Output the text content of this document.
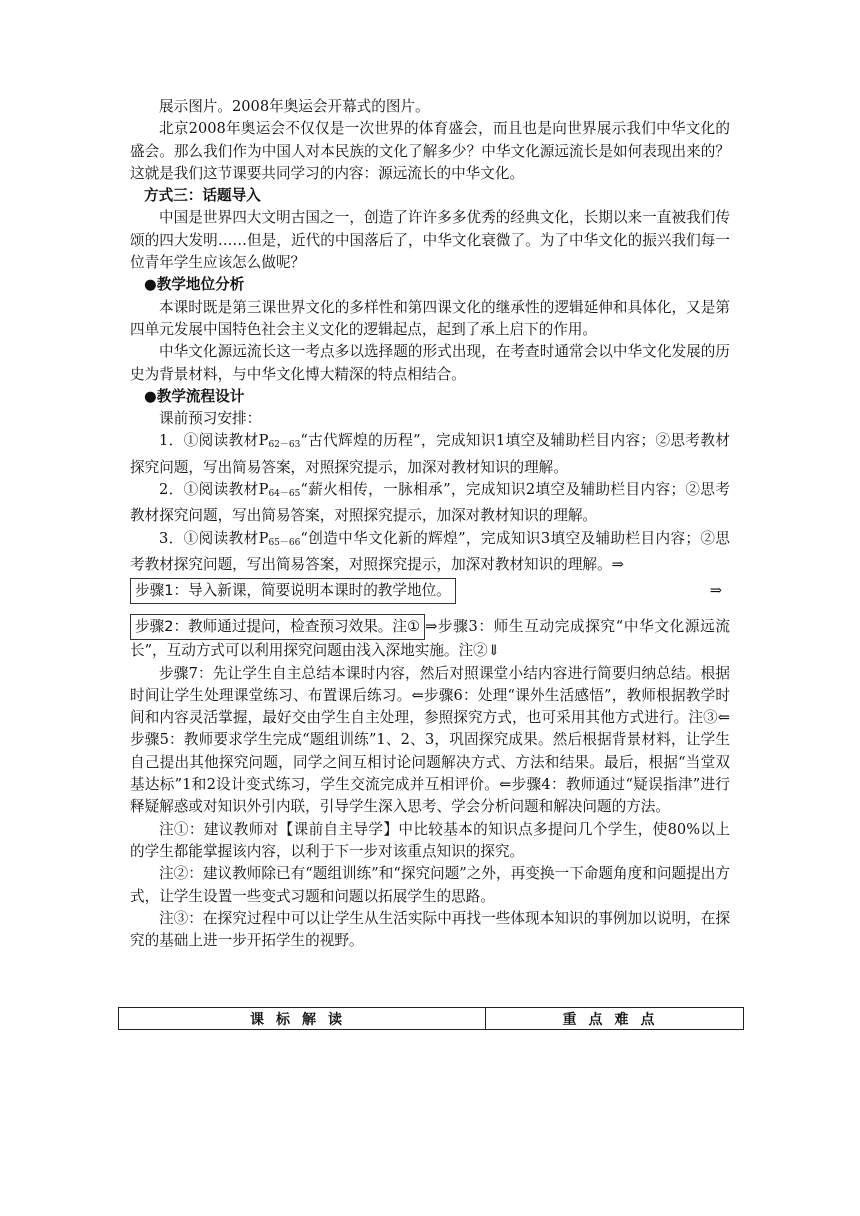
展示图片。2008年奥运会开幕式的图片。

北京2008年奥运会不仅仅是一次世界的体育盛会，而且也是向世界展示我们中华文化的盛会。那么我们作为中国人对本民族的文化了解多少？中华文化源远流长是如何表现出来的？这就是我们这节课要共同学习的内容：源远流长的中华文化。

方式三：话题导入

中国是世界四大文明古国之一，创造了许许多多优秀的经典文化，长期以来一直被我们传颂的四大发明……但是，近代的中国落后了，中华文化衰微了。为了中华文化的振兴我们每一位青年学生应该怎么做呢？

●教学地位分析

本课时既是第三课世界文化的多样性和第四课文化的继承性的逻辑延伸和具体化，又是第四单元发展中国特色社会主义文化的逻辑起点，起到了承上启下的作用。

中华文化源远流长这一考点多以选择题的形式出现，在考查时通常会以中华文化发展的历史为背景材料，与中华文化博大精深的特点相结合。

●教学流程设计

课前预习安排：

1．①阅读教材$P_{62-63}“$古代辉煌的历程”，完成知识1填空及辅助栏目内容；②思考教材探究问题，写出简易答案，对照探究提示，加深对教材知识的理解。

2．①阅读教材$P_{64-65}“$薪火相传，一脉相承”，完成知识2填空及辅助栏目内容；②思考教材探究问题，写出简易答案，对照探究提示，加深对教材知识的理解。

3．①阅读教材$P_{65-66}“$创造中华文化新的辉煌”，完成知识3填空及辅助栏目内容；②思考教材探究问题，写出简易答案，对照探究提示，加深对教材知识的理解。⇒

步骤1：导入新课，简要说明本课时的教学地位。	⇒

步骤2：教师通过提问，检查预习效果。注① ⇒步骤3：师生互动完成探究“中华文化源远流长”，互动方式可以利用探究问题由浅入深地实施。注②⇓

步骤7：先让学生自主总结本课时内容，然后对照课堂小结内容进行简要归纳总结。根据时间让学生处理课堂练习、布置课后练习。⇐步骤6：处理“课外生活感悟”，教师根据教学时间和内容灵活掌握，最好交由学生自主处理，参照探究方式，也可采用其他方式进行。注③⇐步骤5：教师要求学生完成“题组训练”1、2、3，巩固探究成果。然后根据背景材料，让学生自己提出其他探究问题，同学之间互相讨论问题解决方式、方法和结果。最后，根据“当堂双基达标”1和2设计变式练习，学生交流完成并互相评价。⇐步骤4：教师通过“疑误指津”进行释疑解惑或对知识外引内联，引导学生深入思考、学会分析问题和解决问题的方法。

注①：建议教师对【课前自主导学】中比较基本的知识点多提问几个学生，使80%以上的学生都能掌握该内容，以利于下一步对该重点知识的探究。

注②：建议教师除已有“题组训练”和“探究问题”之外，再变换一下命题角度和问题提出方式，让学生设置一些变式习题和问题以拓展学生的思路。

注③：在探究过程中可以让学生从生活实际中再找一些体现本知识的事例加以说明，在探究的基础上进一步开拓学生的视野。

课标解读	重点难点
